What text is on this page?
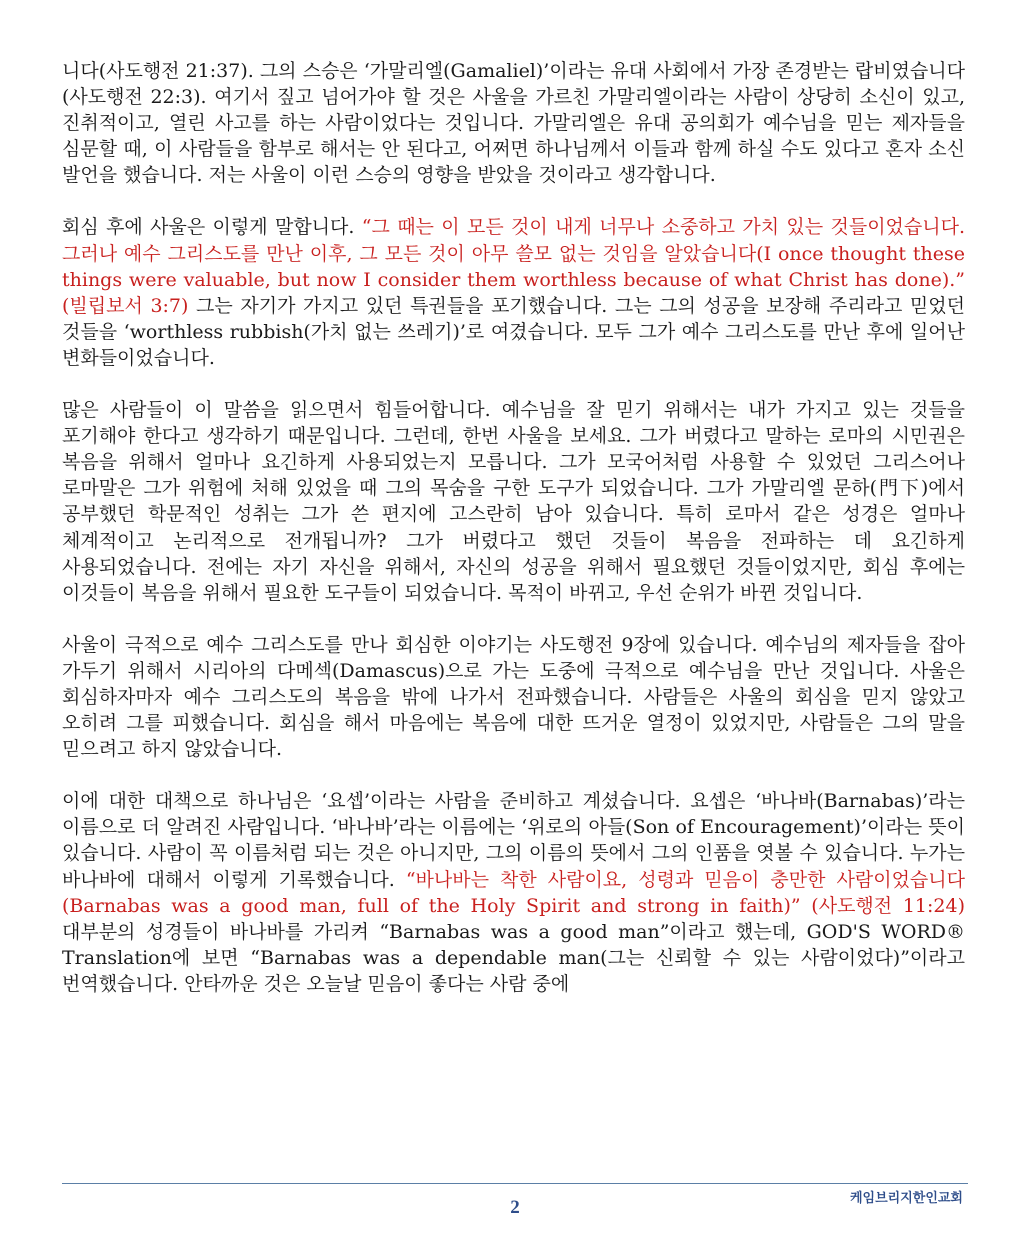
니다(사도행전 21:37). 그의 스승은 ‘가말리엘(Gamaliel)’이라는 유대 사회에서 가장 존경받는 랍비였습니다(사도행전 22:3). 여기서 짚고 넘어가야 할 것은 사울을 가르친 가말리엘이라는 사람이 상당히 소신이 있고, 진취적이고, 열린 사고를 하는 사람이었다는 것입니다. 가말리엘은 유대 공의회가 예수님을 믿는 제자들을 심문할 때, 이 사람들을 함부로 해서는 안 된다고, 어쩌면 하나님께서 이들과 함께 하실 수도 있다고 혼자 소신 발언을 했습니다. 저는 사울이 이런 스승의 영향을 받았을 것이라고 생각합니다.

회심 후에 사울은 이렇게 말합니다. “그 때는 이 모든 것이 내게 너무나 소중하고 가치 있는 것들이었습니다. 그러나 예수 그리스도를 만난 이후, 그 모든 것이 아무 쓸모 없는 것임을 알았습니다(I once thought these things were valuable, but now I consider them worthless because of what Christ has done).” (빌립보서 3:7) 그는 자기가 가지고 있던 특권들을 포기했습니다. 그는 그의 성공을 보장해 주리라고 믿었던 것들을 ‘worthless rubbish(가치 없는 쓰레기)’로 여겼습니다. 모두 그가 예수 그리스도를 만난 후에 일어난 변화들이었습니다.

많은 사람들이 이 말씀을 읽으면서 힘들어합니다. 예수님을 잘 믿기 위해서는 내가 가지고 있는 것들을 포기해야 한다고 생각하기 때문입니다. 그런데, 한번 사울을 보세요. 그가 버렸다고 말하는 로마의 시민권은 복음을 위해서 얼마나 요긴하게 사용되었는지 모릅니다. 그가 모국어처럼 사용할 수 있었던 그리스어나 로마말은 그가 위험에 처해 있었을 때 그의 목숨을 구한 도구가 되었습니다. 그가 가말리엘 문하(門下)에서 공부했던 학문적인 성취는 그가 쓴 편지에 고스란히 남아 있습니다. 특히 로마서 같은 성경은 얼마나 체계적이고 논리적으로 전개됩니까? 그가 버렸다고 했던 것들이 복음을 전파하는 데 요긴하게 사용되었습니다. 전에는 자기 자신을 위해서, 자신의 성공을 위해서 필요했던 것들이었지만, 회심 후에는 이것들이 복음을 위해서 필요한 도구들이 되었습니다. 목적이 바뀌고, 우선 순위가 바뀐 것입니다.

사울이 극적으로 예수 그리스도를 만나 회심한 이야기는 사도행전 9장에 있습니다. 예수님의 제자들을 잡아 가두기 위해서 시리아의 다메섹(Damascus)으로 가는 도중에 극적으로 예수님을 만난 것입니다. 사울은 회심하자마자 예수 그리스도의 복음을 밖에 나가서 전파했습니다. 사람들은 사울의 회심을 믿지 않았고 오히려 그를 피했습니다. 회심을 해서 마음에는 복음에 대한 뜨거운 열정이 있었지만, 사람들은 그의 말을 믿으려고 하지 않았습니다.

이에 대한 대책으로 하나님은 ‘요셉’이라는 사람을 준비하고 계셨습니다. 요셉은 ‘바나바(Barnabas)’라는 이름으로 더 알려진 사람입니다. ‘바나바’라는 이름에는 ‘위로의 아들(Son of Encouragement)’이라는 뜻이 있습니다. 사람이 꼭 이름처럼 되는 것은 아니지만, 그의 이름의 뜻에서 그의 인품을 엿볼 수 있습니다. 누가는 바나바에 대해서 이렇게 기록했습니다. “바나바는 착한 사람이요, 성령과 믿음이 충만한 사람이었습니다(Barnabas was a good man, full of the Holy Spirit and strong in faith)” (사도행전 11:24) 대부분의 성경들이 바나바를 가리켜 “Barnabas was a good man”이라고 했는데, GOD'S WORD® Translation에 보면 “Barnabas was a dependable man(그는 신뢰할 수 있는 사람이었다)”이라고 번역했습니다. 안타까운 것은 오늘날 믿음이 좋다는 사람 중에

2	케임브리지한인교회
